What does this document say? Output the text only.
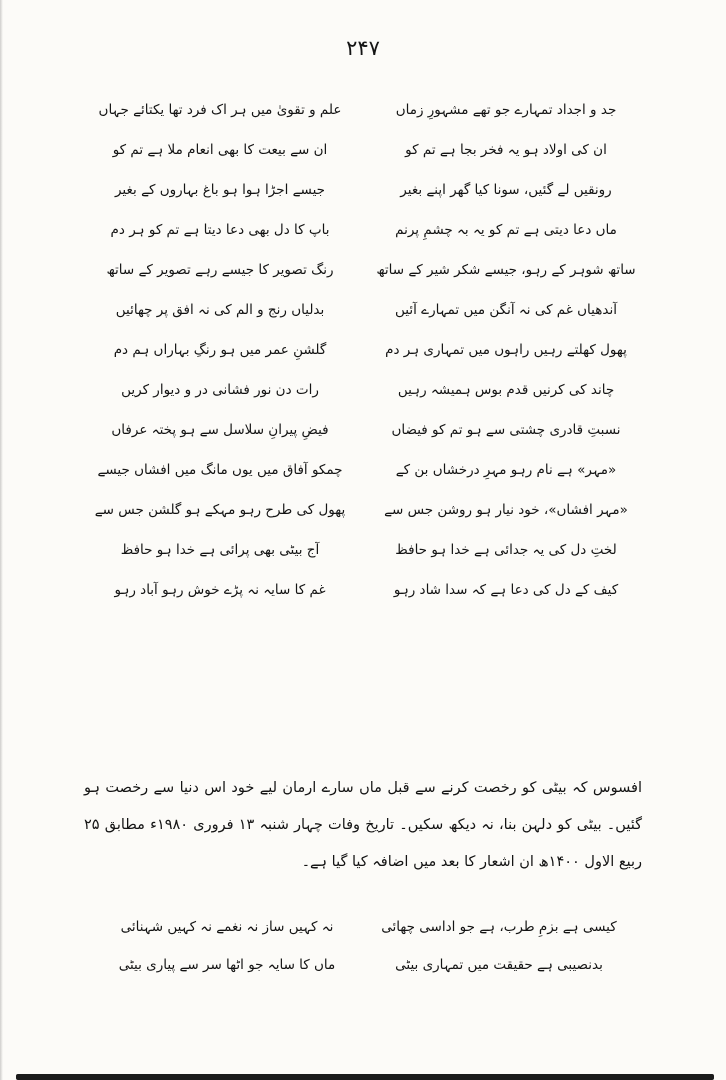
۲۴۷
جد و اجداد تمہارے جو تھے مشہورِ زماں
علم و تقویٰ میں ہر اک فرد تھا یکتائے جہاں
ان کی اولاد ہو یہ فخر بجا ہے تم کو
ان سے بیعت کا بھی انعام ملا ہے تم کو
رونقیں لے گئیں، سونا کیا گھر اپنے بغیر
جیسے اجڑا ہوا ہو باغ بہاروں کے بغیر
ماں دعا دیتی ہے تم کو یہ بہ چشمِ پرنم
باپ کا دل بھی دعا دیتا ہے تم کو ہر دم
ساتھ شوہر کے رہو، جیسے شکر شیر کے ساتھ
رنگ تصویر کا جیسے رہے تصویر کے ساتھ
آندھیاں غم کی نہ آنگن میں تمہارے آئیں
بدلیاں رنج و الم کی نہ افق پر چھائیں
پھول کھلتے رہیں راہوں میں تمہاری ہر دم
گلشنِ عمر میں ہو رنگِ بہاراں ہم دم
چاند کی کرنیں قدم بوس ہمیشہ رہیں
رات دن نور فشانی در و دیوار کریں
نسبتِ قادری چشتی سے ہو تم کو فیضاں
فیضِ پیرانِ سلاسل سے ہو پختہ عرفاں
«مہر» ہے نام رہو مہرِ درخشاں بن کے
چمکو آفاق میں یوں مانگ میں افشاں جیسے
«مہر افشاں»، خود نیار ہو روشن جس سے
پھول کی طرح رہو مہکے ہو گلشن جس سے
لختِ دل کی یہ جدائی ہے خدا ہو حافظ
آج بیٹی بھی پرائی ہے خدا ہو حافظ
کیف کے دل کی دعا ہے کہ سدا شاد رہو
غم کا سایہ نہ پڑے خوش رہو آباد رہو
افسوس کہ بیٹی کو رخصت کرنے سے قبل ماں سارے ارمان لیے خود اس دنیا سے رخصت ہو گئیں۔ بیٹی کو دلہن بنا، نہ دیکھ سکیں۔ تاریخ وفات چہار شنبہ ۱۳ فروری ۱۹۸۰ء مطابق ۲۵ ربیع الاول ۱۴۰۰ھ ان اشعار کا بعد میں اضافہ کیا گیا ہے۔
کیسی ہے بزمِ طرب، ہے جو اداسی چھائی
نہ کہیں ساز نہ نغمے نہ کہیں شہنائی
بدنصیبی ہے حقیقت میں تمہاری بیٹی
ماں کا سایہ جو اٹھا سر سے پیاری بیٹی
